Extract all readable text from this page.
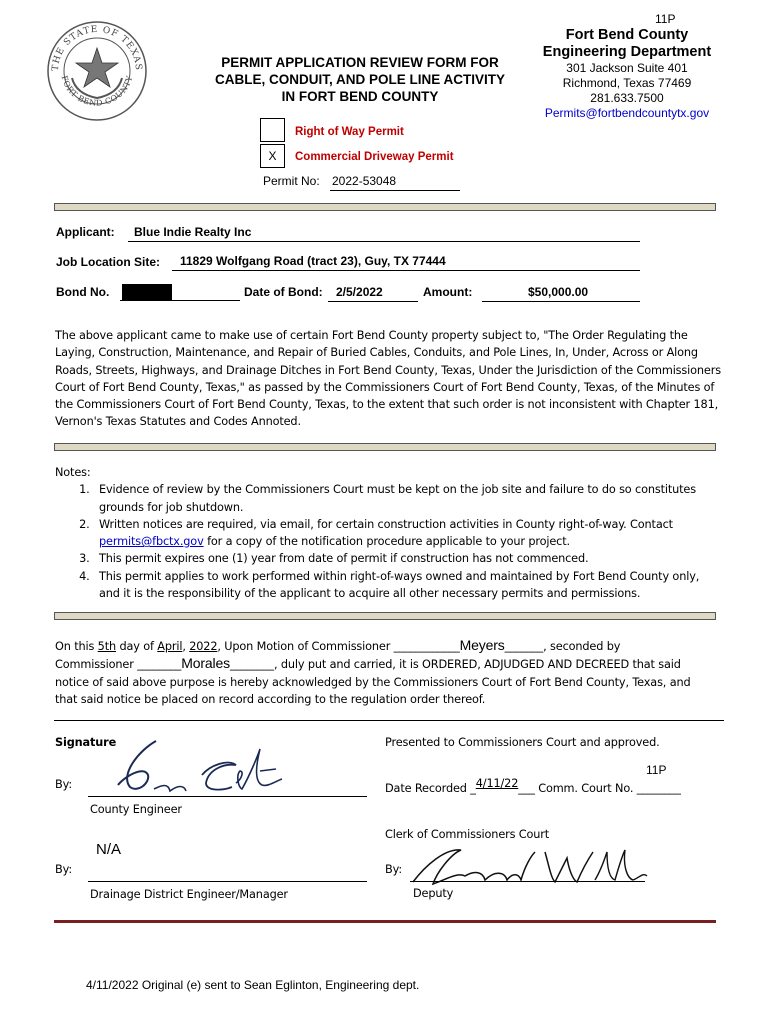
THE STATE OF TEXAS
FORT BEND COUNTY
11P
PERMIT APPLICATION REVIEW FORM FOR
CABLE, CONDUIT, AND POLE LINE ACTIVITY
IN FORT BEND COUNTY
Fort Bend County
Engineering Department
301 Jackson Suite 401
Richmond, Texas 77469
281.633.7500
Permits@fortbendcountytx.gov
Right of Way Permit
X	Commercial Driveway Permit
Permit No: 2022-53048
Applicant: Blue Indie Realty Inc
Job Location Site: 11829 Wolfgang Road (tract 23), Guy, TX 77444
Bond No.	Date of Bond: 2/5/2022	Amount:	$50,000.00
The above applicant came to make use of certain Fort Bend County property subject to, "The Order Regulating the Laying, Construction, Maintenance, and Repair of Buried Cables, Conduits, and Pole Lines, In, Under, Across or Along Roads, Streets, Highways, and Drainage Ditches in Fort Bend County, Texas, Under the Jurisdiction of the Commissioners Court of Fort Bend County, Texas," as passed by the Commissioners Court of Fort Bend County, Texas, of the Minutes of the Commissioners Court of Fort Bend County, Texas, to the extent that such order is not inconsistent with Chapter 181, Vernon's Texas Statutes and Codes Annoted.
Notes:
1. Evidence of review by the Commissioners Court must be kept on the job site and failure to do so constitutes grounds for job shutdown.
2. Written notices are required, via email, for certain construction activities in County right-of-way. Contact permits@fbctx.gov for a copy of the notification procedure applicable to your project.
3. This permit expires one (1) year from date of permit if construction has not commenced.
4. This permit applies to work performed within right-of-ways owned and maintained by Fort Bend County only, and it is the responsibility of the applicant to acquire all other necessary permits and permissions.
On this 5th day of April, 2022, Upon Motion of Commissioner ____________Meyers_______, seconded by
Commissioner ________Morales________, duly put and carried, it is ORDERED, ADJUDGED AND DECREED that said
notice of said above purpose is hereby acknowledged by the Commissioners Court of Fort Bend County, Texas, and
that said notice be placed on record according to the regulation order thereof.
Signature
By:
County Engineer
N/A
By:
Drainage District Engineer/Manager
Presented to Commissioners Court and approved.
11P
Date Recorded _4/11/22___ Comm. Court No. ________
Clerk of Commissioners Court
By:
Deputy
4/11/2022 Original (e) sent to Sean Eglinton, Engineering dept.
